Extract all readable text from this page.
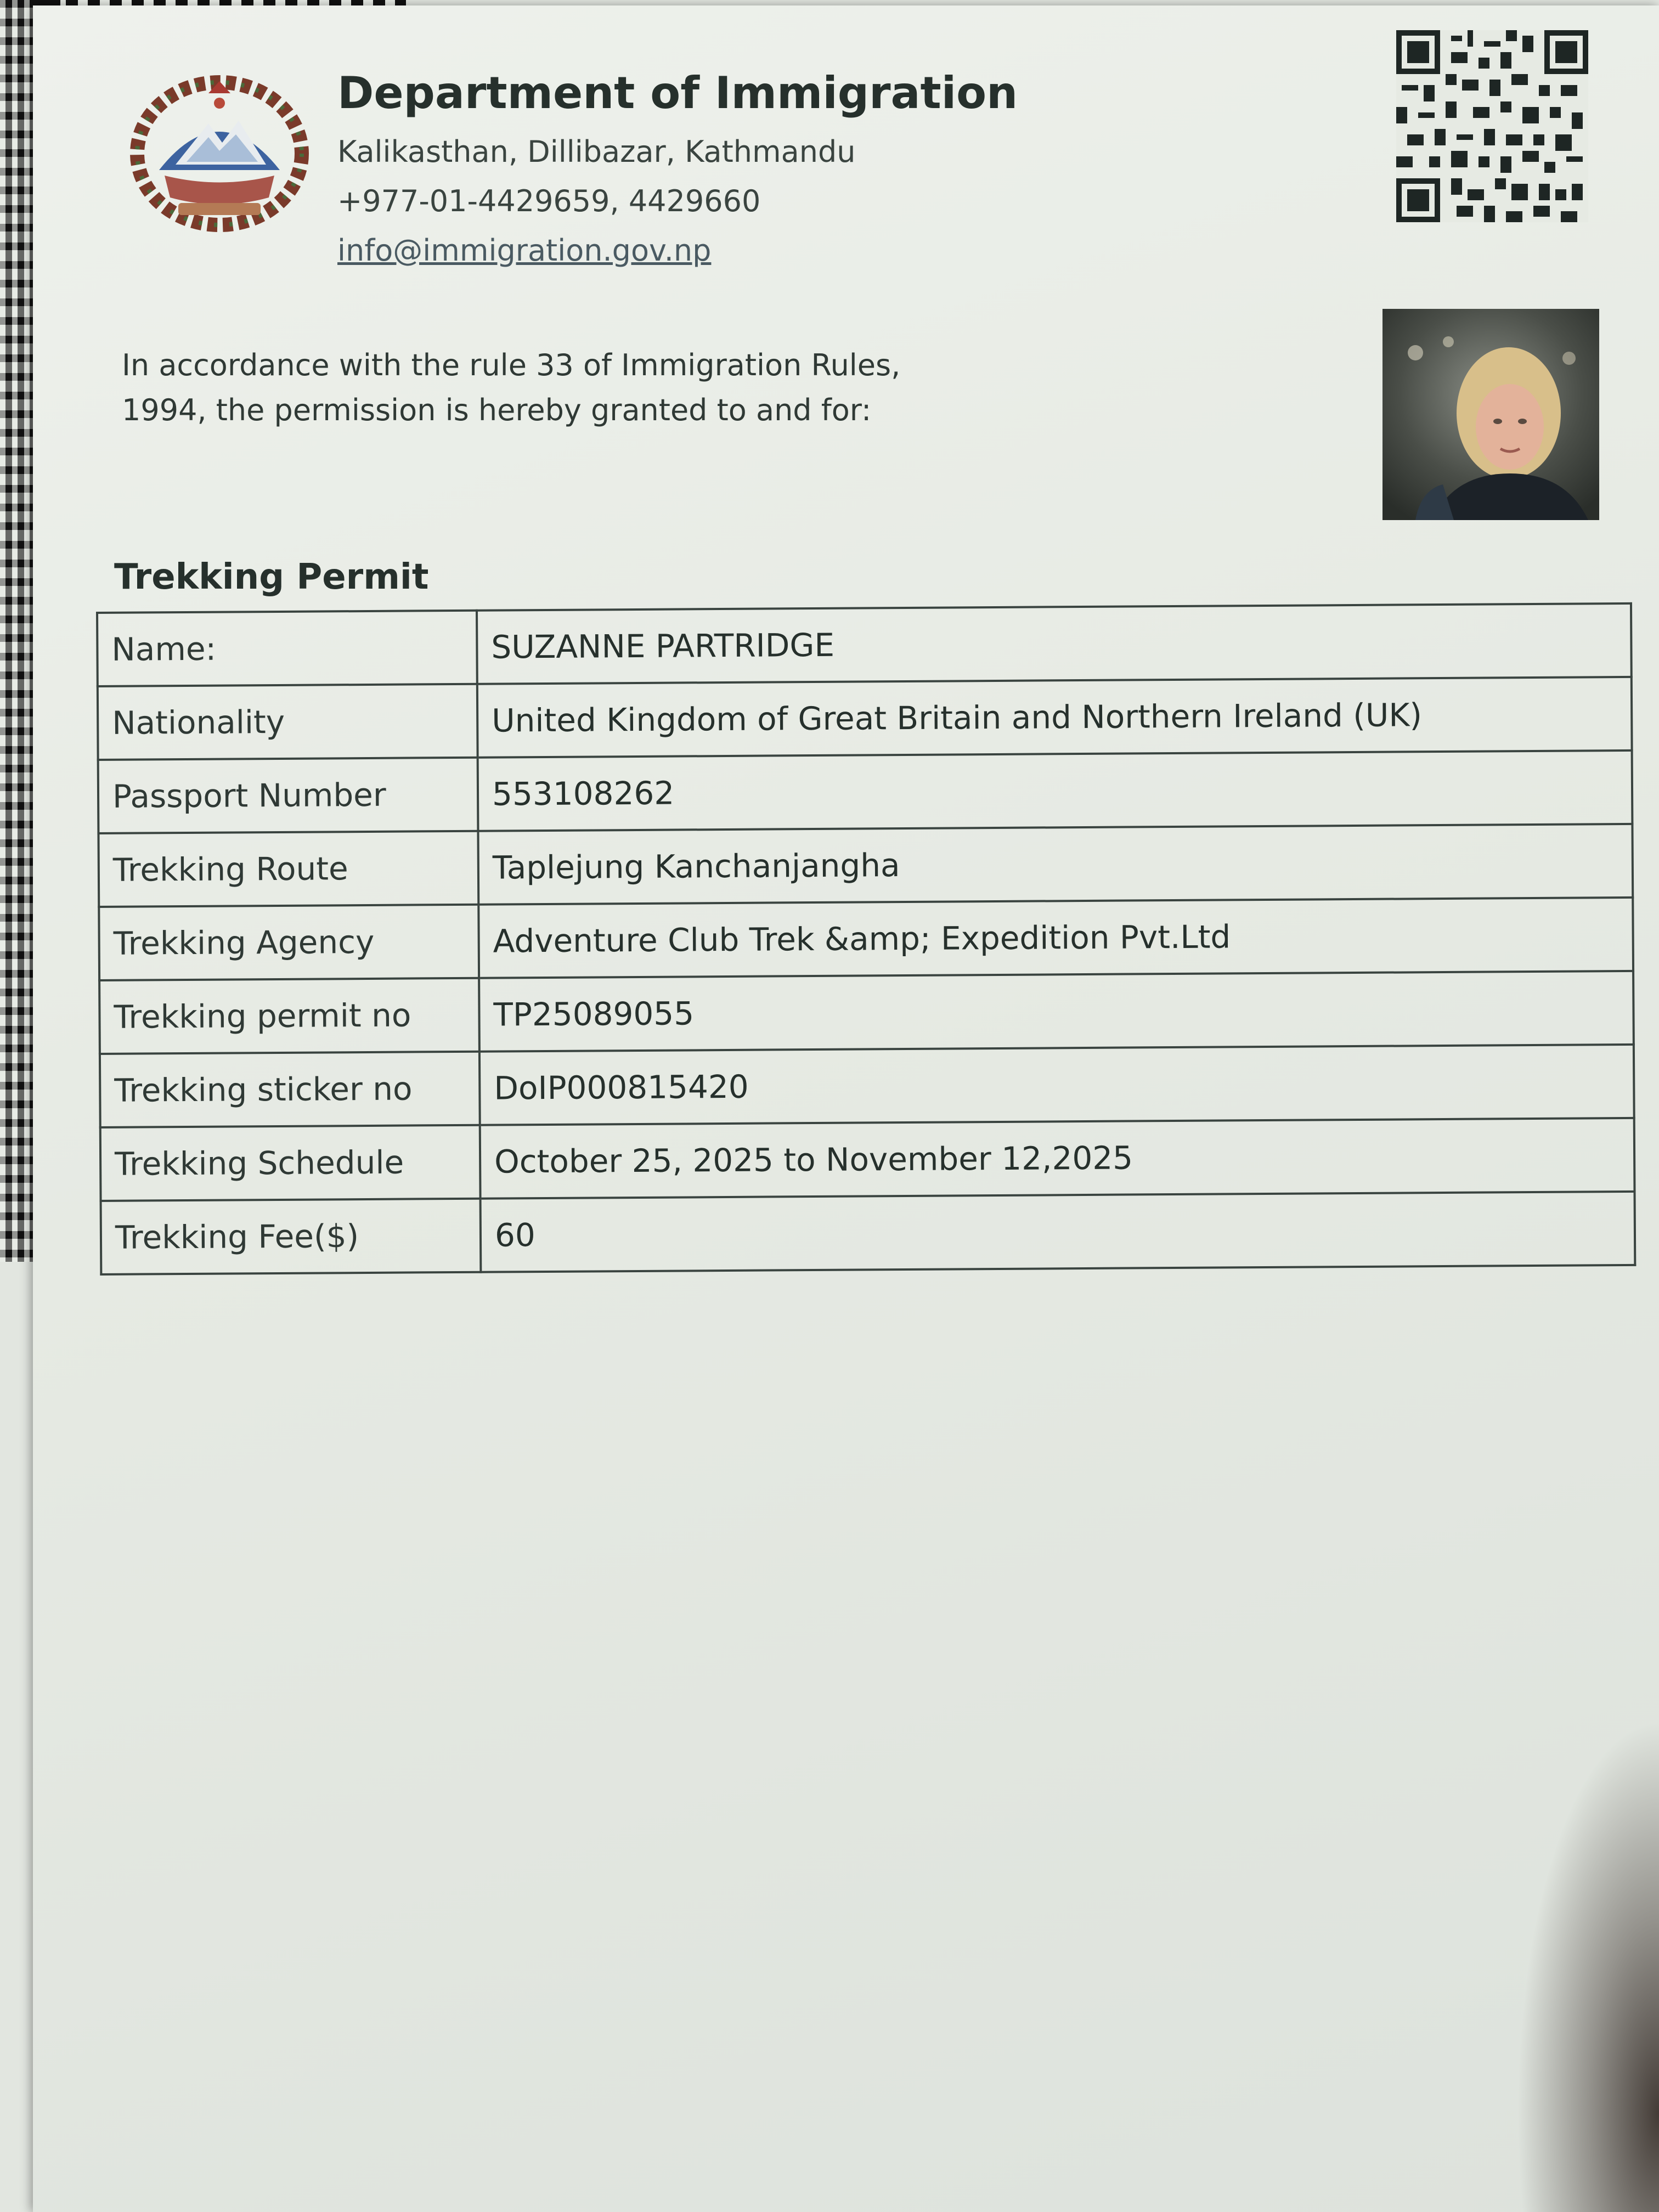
Department of Immigration
Kalikasthan, Dillibazar, Kathmandu
+977-01-4429659, 4429660
info@immigration.gov.np
In accordance with the rule 33 of Immigration Rules,
1994, the permission is hereby granted to and for:
Trekking Permit
Name:	SUZANNE PARTRIDGE
Nationality	United Kingdom of Great Britain and Northern Ireland (UK)
Passport Number	553108262
Trekking Route	Taplejung Kanchanjangha
Trekking Agency	Adventure Club Trek &amp; Expedition Pvt.Ltd
Trekking permit no	TP25089055
Trekking sticker no	DoIP000815420
Trekking Schedule	October 25, 2025 to November 12,2025
Trekking Fee($)	60
